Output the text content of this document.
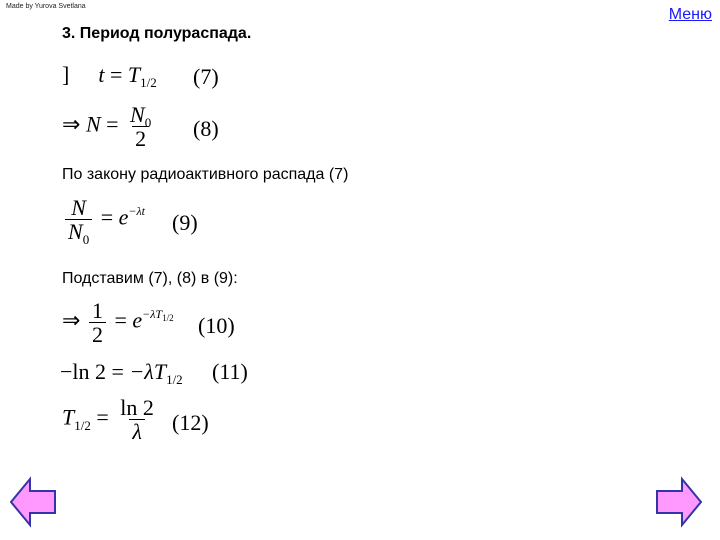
Made by Yurova Svetlana	Меню
3. Период полураспада.
] $t = T_{1/2}$ (7)
⇒ $N = \frac{N_0}{2} (8)$
По закону радиоактивного распада (7)
$\frac{N}{N_0} = e^{-\lambda t}$ (9)
Подставим (7), (8) в (9):
⇒ $\frac{1}{2} = e^{-\lambda T_{1/2}}$ (10)
−ln $2 = -\lambda T_{1/2}$ (11)
$T_{1/2} = \frac{\ln 2}{\lambda} (12)$
